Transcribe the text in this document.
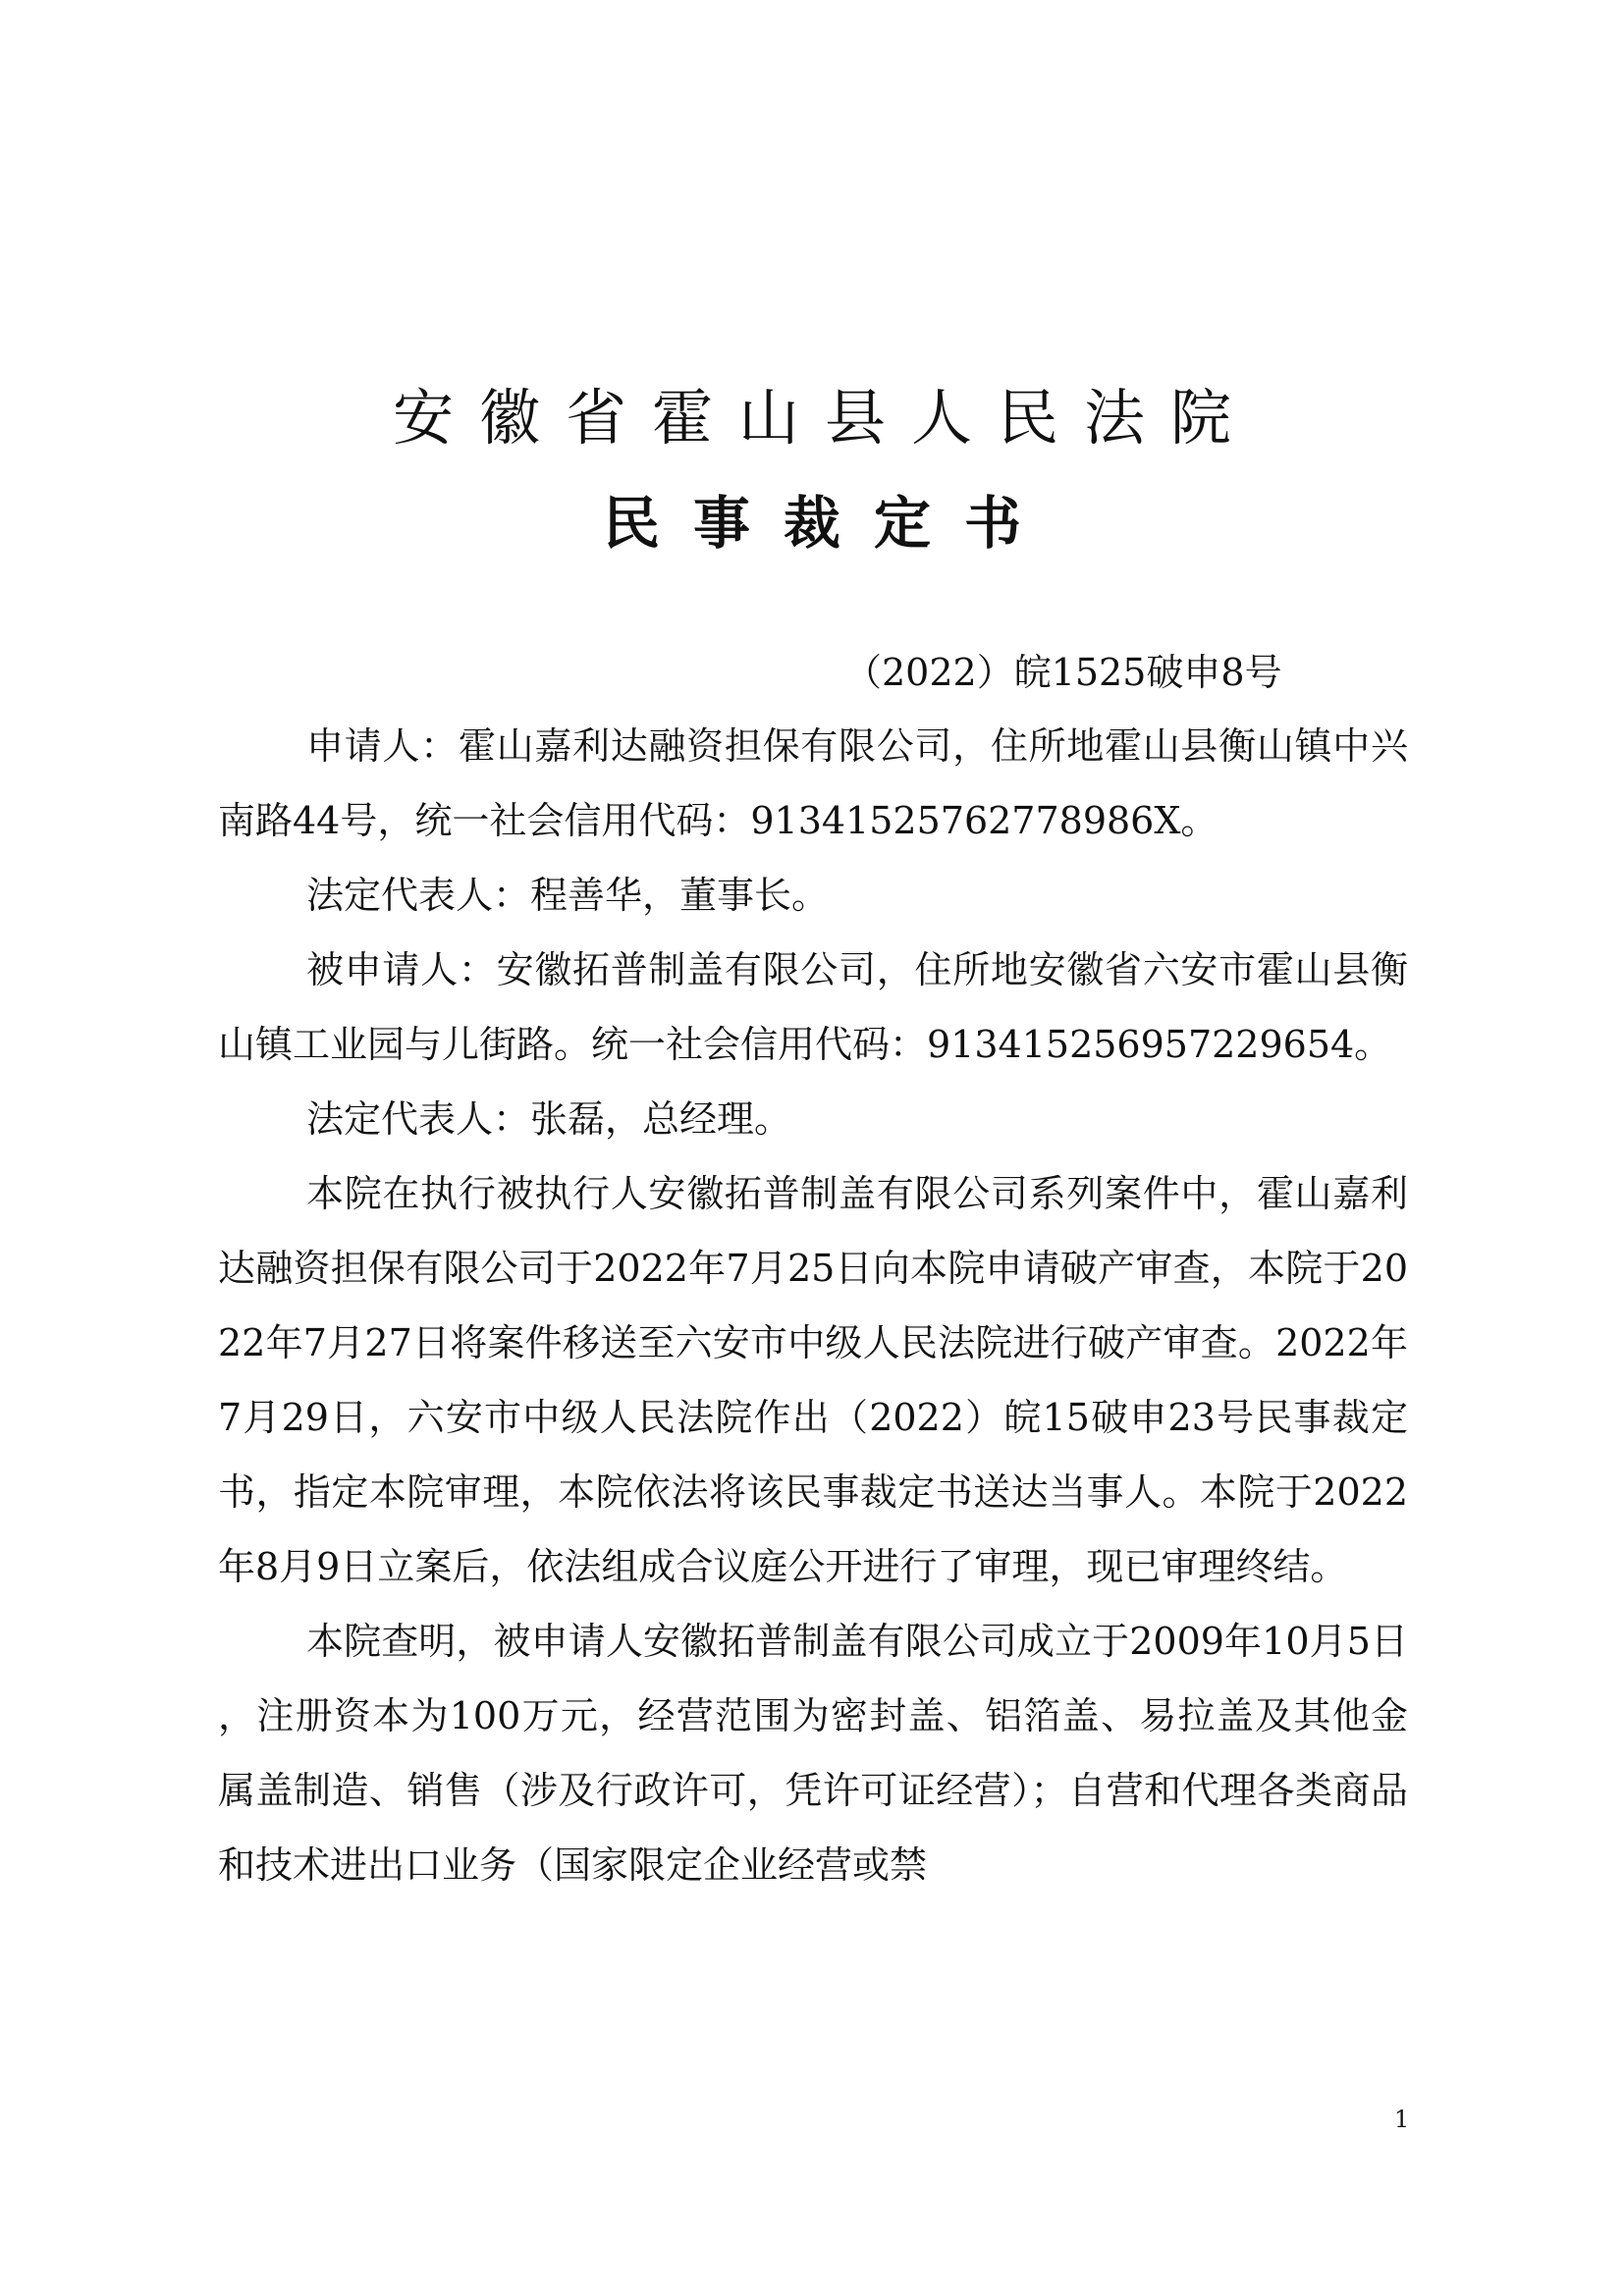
安徽省霍山县人民法院
民事裁定书
（2022）皖1525破申8号

申请人：霍山嘉利达融资担保有限公司，住所地霍山县衡山镇中兴南路44号，统一社会信用代码：9134152576277​8986X。

法定代表人：程善华，董事长。

被申请人：安徽拓普制盖有限公司，住所地安徽省六安市霍山县衡山镇工业园与儿街路。统一社会信用代码：913415256957229654。

法定代表人：张磊，总经理。

本院在执行被执行人安徽拓普制盖有限公司系列案件中，霍山嘉利达融资担保有限公司于2022年7月25日向本院申请破产审查，本院于2022年7月27日将案件移送至六安市中级人民法院进行破产审查。2022年7月29日，六安市中级人民法院作出（2022）皖15破申23号民事裁定书，指定本院审理，本院依法将该民事裁定书送达当事人。本院于2022年8月9日立案后，依法组成合议庭公开进行了审理，现已审理终结。

本院查明，被申请人安徽拓普制盖有限公司成立于2009年10月5日，注册资本为100万元，经营范围为密封盖、铝箔盖、易拉盖及其他金属盖制造、销售（涉及行政许可，凭许可证经营）；自营和代理各类商品和技术进出口业务（国家限定企业经营或禁

1
